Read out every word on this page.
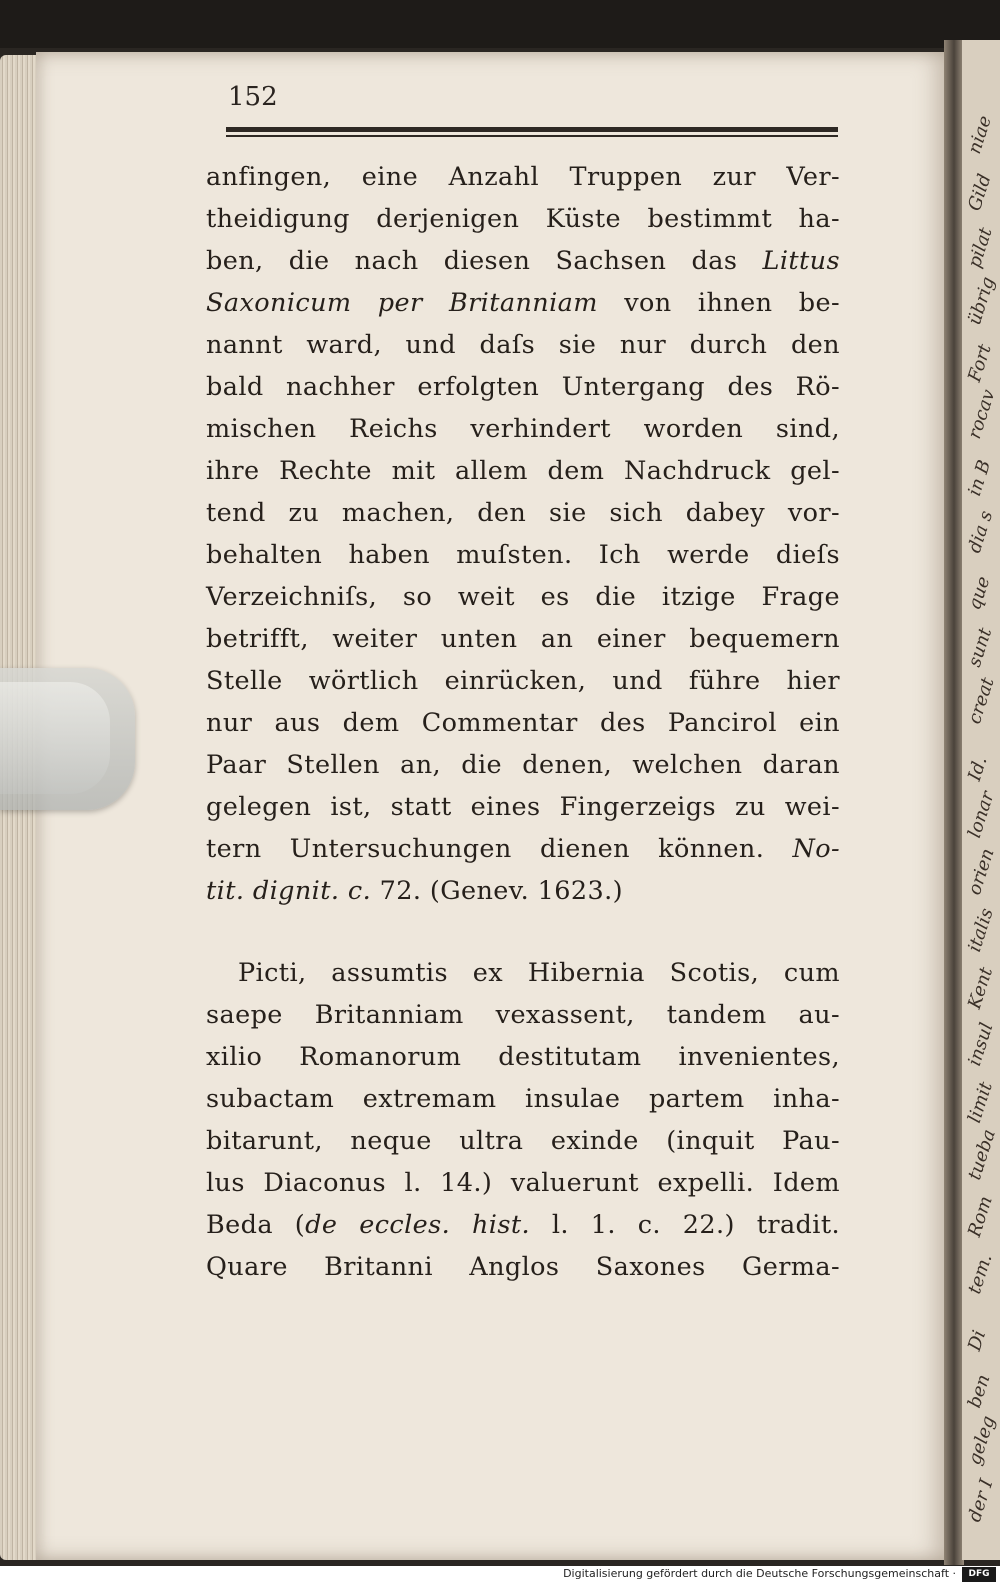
niae
Gild
pilat
übrig
Fort
rocav
in B
dia s
que
sunt
creat
Id.
lonar
orien
italis
Kent
insul
limit
tueba
Rom
tem.
Di
ben
geleg
der I
152
anfingen, eine Anzahl Truppen zur Ver-
theidigung derjenigen Küste bestimmt ha-
ben, die nach diesen Sachsen das Littus
Saxonicum per Britanniam von ihnen be-
nannt ward, und daſs sie nur durch den
bald nachher erfolgten Untergang des Rö-
mischen Reichs verhindert worden sind,
ihre Rechte mit allem dem Nachdruck gel-
tend zu machen, den sie sich dabey vor-
behalten haben muſsten. Ich werde dieſs
Verzeichniſs, so weit es die itzige Frage
betrifft, weiter unten an einer bequemern
Stelle wörtlich einrücken, und führe hier
nur aus dem Commentar des Pancirol ein
Paar Stellen an, die denen, welchen daran
gelegen ist, statt eines Fingerzeigs zu wei-
tern Untersuchungen dienen können. No-
tit. dignit. c. 72. (Genev. 1623.)
Picti, assumtis ex Hibernia Scotis, cum
saepe Britanniam vexassent, tandem au-
xilio Romanorum destitutam invenientes,
subactam extremam insulae partem inha-
bitarunt, neque ultra exinde (inquit Pau-
lus Diaconus l. 14.) valuerunt expelli. Idem
Beda (de eccles. hist. l. 1. c. 22.) tradit.
Quare Britanni Anglos Saxones Germa-
Digitalisierung gefördert durch die Deutsche Forschungsgemeinschaft ·	DFG
